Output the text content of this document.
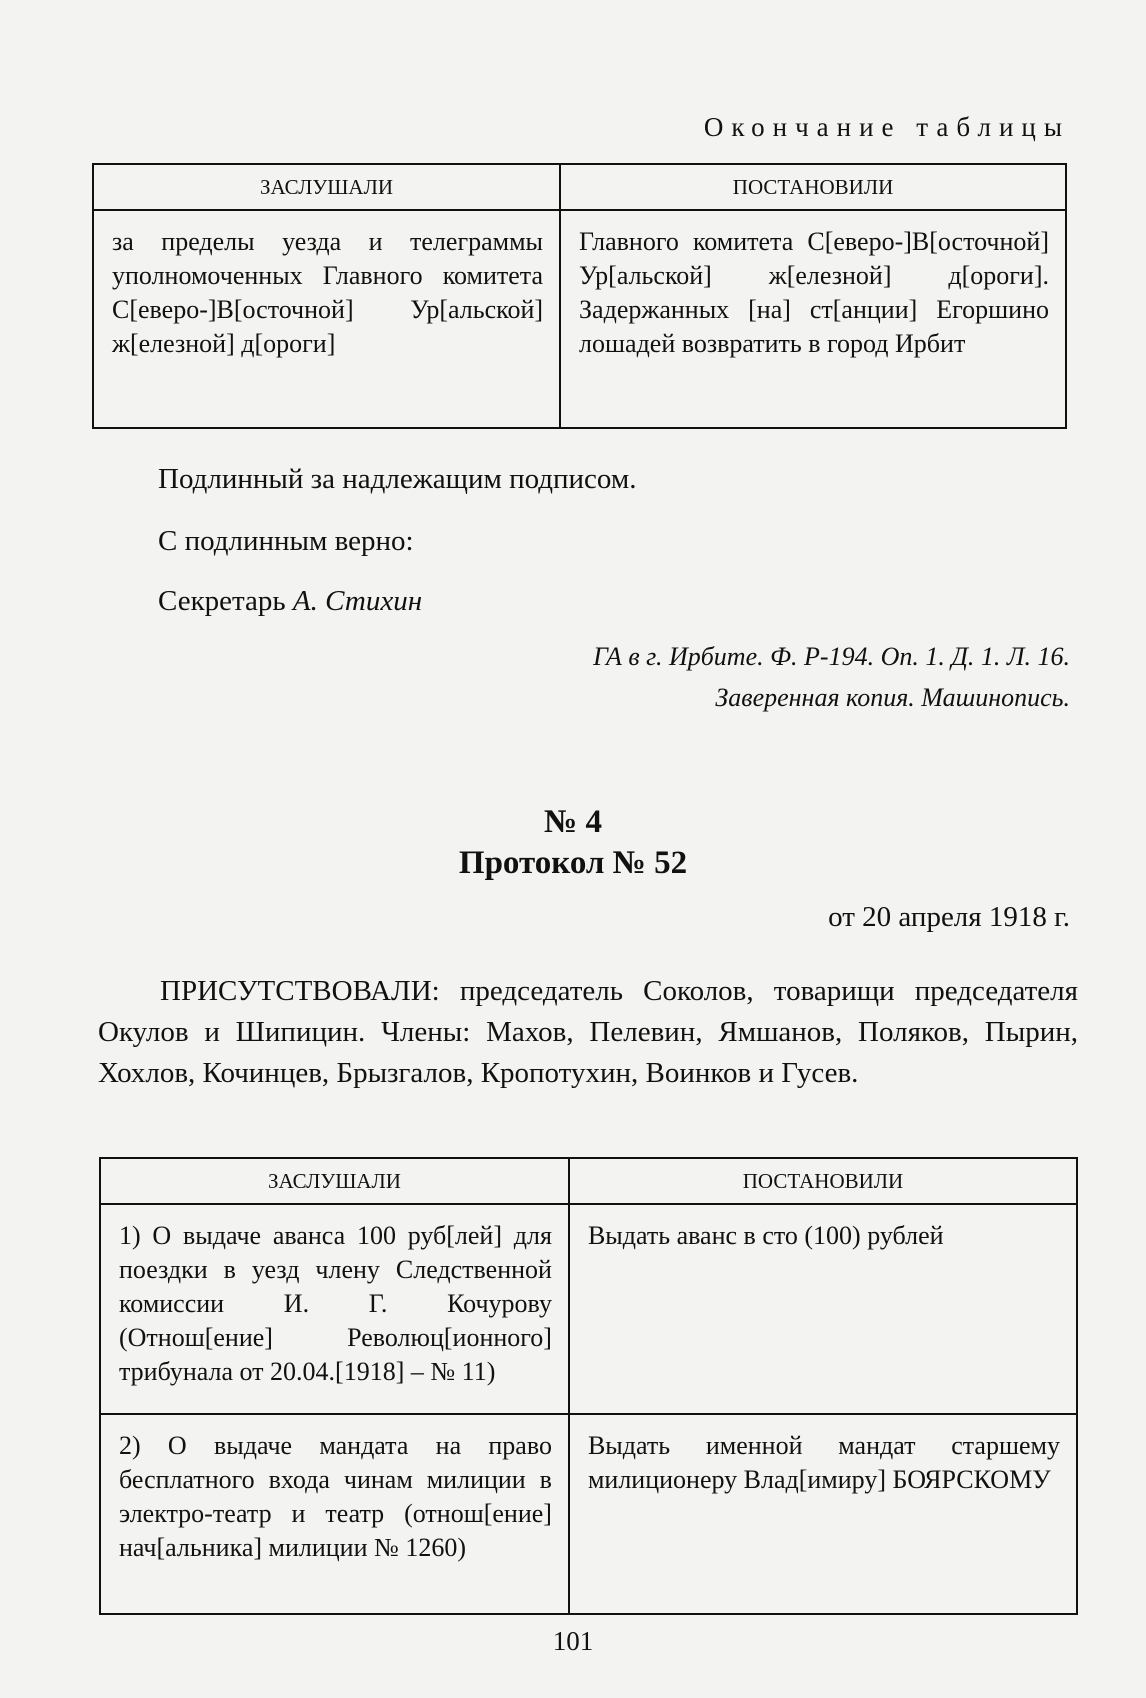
Окончание таблицы
ЗАСЛУШАЛИ	ПОСТАНОВИЛИ
за пределы уезда и телеграммы уполномоченных Главного комитета С[еверо-]В[осточной] Ур[альской] ж[елезной] д[ороги]	Главного комитета С[еверо-]В[осточной] Ур[альской] ж[елезной] д[ороги]. Задержанных [на] ст[анции] Егоршино лошадей возвратить в город Ирбит
Подлинный за надлежащим подписом.
С подлинным верно:
Секретарь А. Стихин
ГА в г. Ирбите. Ф. Р-194. Оп. 1. Д. 1. Л. 16.
Заверенная копия. Машинопись.
№ 4
Протокол № 52
от 20 апреля 1918 г.
ПРИСУТСТВОВАЛИ: председатель Соколов, товарищи председателя Окулов и Шипицин. Члены: Махов, Пелевин, Ямшанов, Поляков, Пырин, Хохлов, Кочинцев, Брызгалов, Кропотухин, Воинков и Гусев.
ЗАСЛУШАЛИ	ПОСТАНОВИЛИ
1) О выдаче аванса 100 руб[лей] для поездки в уезд члену Следственной комиссии И. Г. Кочурову (Отнош[ение] Революц[ионного] трибунала от 20.04.[1918] – № 11)	Выдать аванс в сто (100) рублей
2) О выдаче мандата на право бесплатного входа чинам милиции в электро-театр и театр (отнош[ение] нач[альника] милиции № 1260)	Выдать именной мандат старшему милиционеру Влад[имиру] БОЯРСКОМУ
101
